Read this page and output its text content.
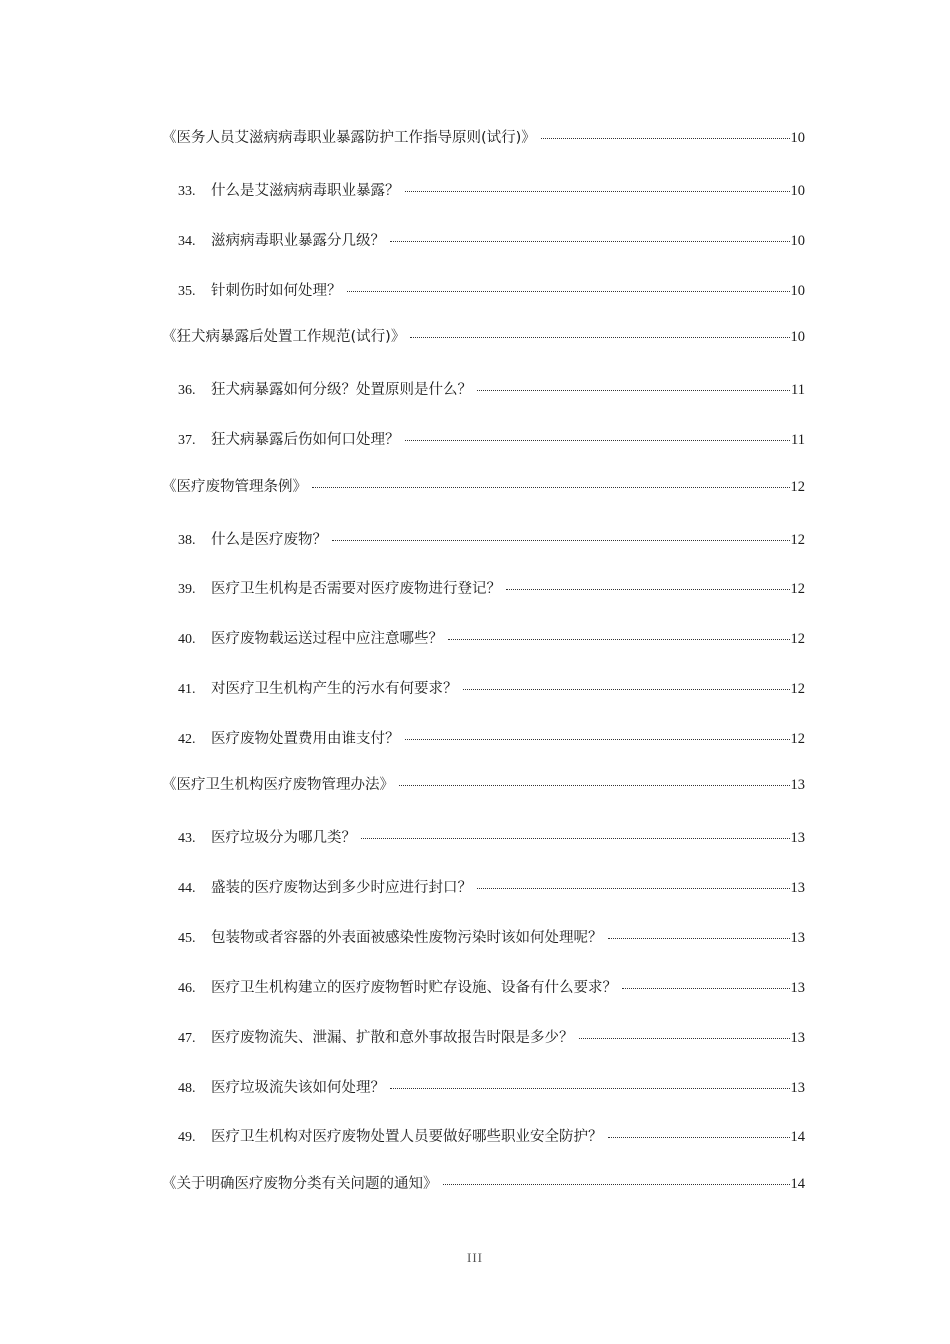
《医务人员艾滋病病毒职业暴露防护工作指导原则(试行)》	10
33.	什么是艾滋病病毒职业暴露？	10
34.	滋病病毒职业暴露分几级？	10
35.	针刺伤时如何处理？	10
《狂犬病暴露后处置工作规范(试行)》	10
36.	狂犬病暴露如何分级？处置原则是什么？	11
37.	狂犬病暴露后伤如何口处理？	11
《医疗废物管理条例》	12
38.	什么是医疗废物？	12
39.	医疗卫生机构是否需要对医疗废物进行登记？	12
40.	医疗废物载运送过程中应注意哪些？	12
41.	对医疗卫生机构产生的污水有何要求？	12
42.	医疗废物处置费用由谁支付？	12
《医疗卫生机构医疗废物管理办法》	13
43.	医疗垃圾分为哪几类？	13
44.	盛装的医疗废物达到多少时应进行封口？	13
45.	包装物或者容器的外表面被感染性废物污染时该如何处理呢？	13
46.	医疗卫生机构建立的医疗废物暂时贮存设施、设备有什么要求？	13
47.	医疗废物流失、泄漏、扩散和意外事故报告时限是多少？	13
48.	医疗垃圾流失该如何处理？	13
49.	医疗卫生机构对医疗废物处置人员要做好哪些职业安全防护？	14
《关于明确医疗废物分类有关问题的通知》	14
III
